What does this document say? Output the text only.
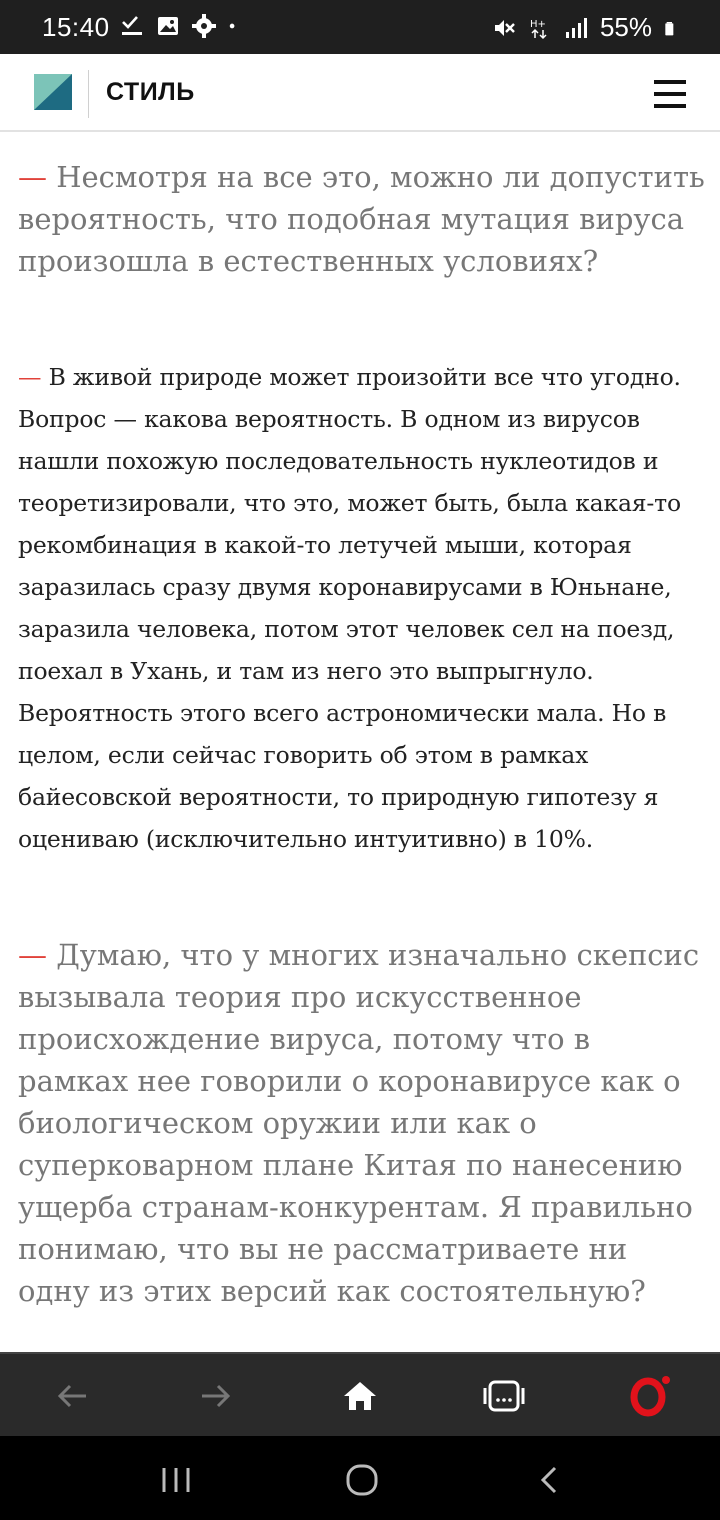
15:40	H+ 55%
СТИЛЬ

— Несмотря на все это, можно ли допустить вероятность, что подобная мутация вируса произошла в естественных условиях?

— В живой природе может произойти все что угодно. Вопрос — какова вероятность. В одном из вирусов нашли похожую последовательность нуклеотидов и теоретизировали, что это, может быть, была какая-то рекомбинация в какой-то летучей мыши, которая заразилась сразу двумя коронавирусами в Юньнане, заразила человека, потом этот человек сел на поезд, поехал в Ухань, и там из него это выпрыгнуло. Вероятность этого всего астрономически мала. Но в целом, если сейчас говорить об этом в рамках байесовской вероятности, то природную гипотезу я оцениваю (исключительно интуитивно) в 10%.

— Думаю, что у многих изначально скепсис вызывала теория про искусственное происхождение вируса, потому что в рамках нее говорили о коронавирусе как о биологическом оружии или как о суперковарном плане Китая по нанесению ущерба странам-конкурентам. Я правильно понимаю, что вы не рассматриваете ни одну из этих версий как состоятельную?
